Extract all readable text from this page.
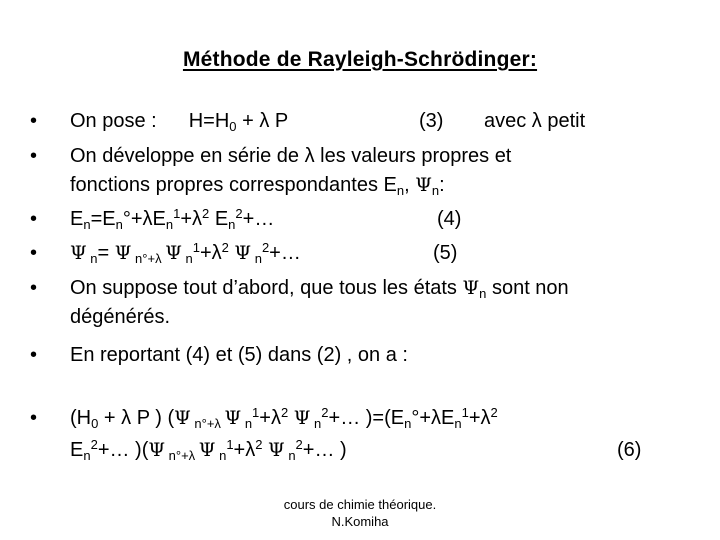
Méthode de Rayleigh-Schrödinger:
• On pose : $H=H_0 + \lambda$ P	(3) avec λ petit
• On développe en série de λ les valeurs propres et
fonctions propres correspondantes $E_n$, $\Psi_n$:
• $E_n=E_n^\circ+\lambda E_n^1+\lambda^2$ $E_n^2+\dots$	(4)
• Ψ $_n$= Ψ $_{n^\circ+\lambda}$ Ψ $_n^1+\lambda^2$ Ψ $_n^2$+…	(5)
• On suppose tout d’abord, que tous les états $\Psi_n$ sont non
dégénérés.
• En reportant (4) et (5) dans (2) , on a :
• ($H_0 + \lambda$ P ) (Ψ $_{n^\circ+\lambda}$ Ψ $_n^1+\lambda^2$ Ψ $_n^2$+… )$=(E_n^\circ+\lambda E_n^1+\lambda^2$
$E_n^2+\dots$ )(Ψ $_{n^\circ+\lambda}$ Ψ $_n^1+\lambda^2$ Ψ $_n^2$+… )	(6)
cours de chimie théorique.
N.Komiha
